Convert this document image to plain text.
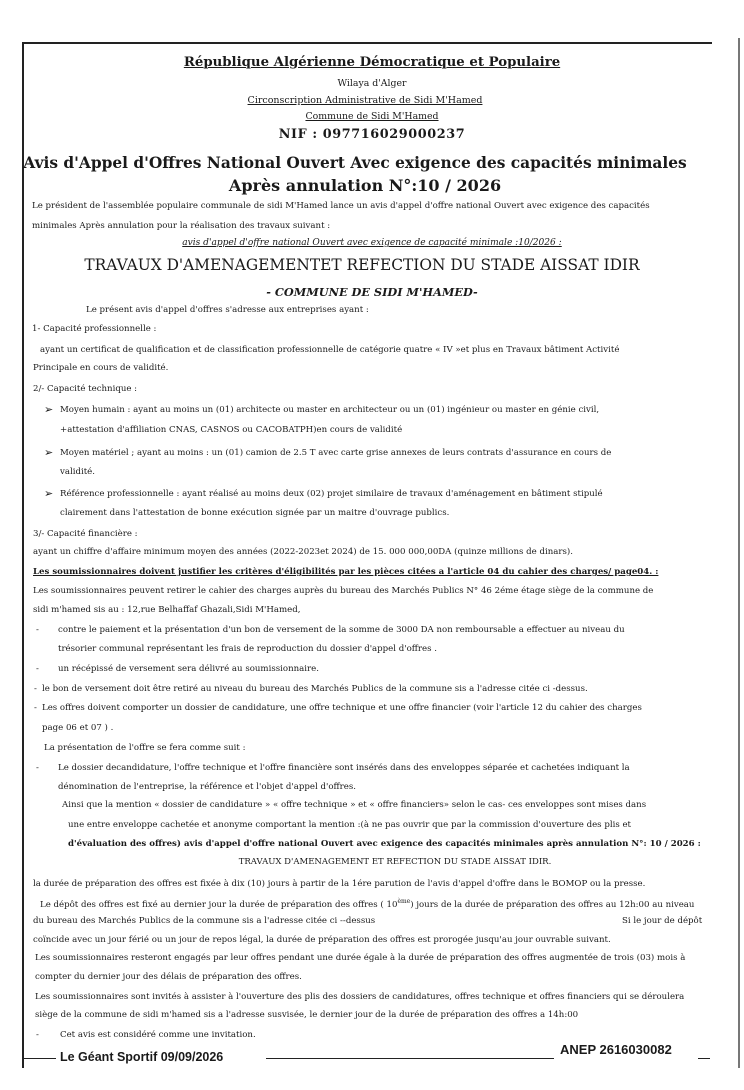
République Algérienne Démocratique et Populaire
Wilaya d'Alger
Circonscription Administrative de Sidi M'Hamed
Commune de Sidi M'Hamed
NIF : 097716029000237
Avis d'Appel d'Offres National Ouvert Avec exigence des capacités minimales
Après annulation N°:10 / 2026
Le président de l'assemblée populaire communale de sidi M'Hamed lance un avis d'appel d'offre national Ouvert avec exigence des capacités
minimales Après annulation pour la réalisation des travaux suivant :
avis d'appel d'offre national Ouvert avec exigence de capacité minimale :10/2026 :
TRAVAUX D'AMENAGEMENTET REFECTION DU STADE AISSAT IDIR
- COMMUNE DE SIDI M'HAMED-
Le présent avis d'appel d'offres s'adresse aux entreprises ayant :
1- Capacité professionnelle :
ayant un certificat de qualification et de classification professionnelle de catégorie quatre « IV »et plus en Travaux bâtiment Activité
Principale en cours de validité.
2/- Capacité technique :
➢ Moyen humain : ayant au moins un (01) architecte ou master en architecteur ou un (01) ingénieur ou master en génie civil,
+attestation d'affiliation CNAS, CASNOS ou CACOBATPH)en cours de validité
➢ Moyen matériel ; ayant au moins : un (01) camion de 2.5 T avec carte grise annexes de leurs contrats d'assurance en cours de
validité.
➢ Référence professionnelle : ayant réalisé au moins deux (02) projet similaire de travaux d'aménagement en bâtiment stipulé
clairement dans l'attestation de bonne exécution signée par un maitre d'ouvrage publics.
3/- Capacité financière :
ayant un chiffre d'affaire minimum moyen des années (2022-2023et 2024) de 15. 000 000,00DA (quinze millions de dinars).
Les soumissionnaires doivent justifier les critères d'éligibilités par les pièces citées a l'article 04 du cahier des charges/ page04. :
Les soumissionnaires peuvent retirer le cahier des charges auprès du bureau des Marchés Publics N° 46 2éme étage siège de la commune de
sidi m'hamed sis au : 12,rue Belhaffaf Ghazali,Sidi M'Hamed,
- contre le paiement et la présentation d'un bon de versement de la somme de 3000 DA non remboursable a effectuer au niveau du
trésorier communal représentant les frais de reproduction du dossier d'appel d'offres .
- un récépissé de versement sera délivré au soumissionnaire.
- le bon de versement doit être retiré au niveau du bureau des Marchés Publics de la commune sis a l'adresse citée ci -dessus.
- Les offres doivent comporter un dossier de candidature, une offre technique et une offre financier (voir l'article 12 du cahier des charges
page 06 et 07 ) .
La présentation de l'offre se fera comme suit :
- Le dossier decandidature, l'offre technique et l'offre financière sont insérés dans des enveloppes séparée et cachetées indiquant la
dénomination de l'entreprise, la référence et l'objet d'appel d'offres.
Ainsi que la mention « dossier de candidature » « offre technique » et « offre financiers» selon le cas- ces enveloppes sont mises dans
une entre enveloppe cachetée et anonyme comportant la mention :(à ne pas ouvrir que par la commission d'ouverture des plis et
d'évaluation des offres) avis d'appel d'offre national Ouvert avec exigence des capacités minimales après annulation N°: 10 / 2026 :
TRAVAUX D'AMENAGEMENT ET REFECTION DU STADE AISSAT IDIR.
la durée de préparation des offres est fixée à dix (10) jours à partir de la 1ére parution de l'avis d'appel d'offre dans le BOMOP ou la presse.
Le dépôt des offres est fixé au dernier jour la durée de préparation des offres ( 10ème) jours de la durée de préparation des offres au 12h:00 au niveau
du bureau des Marchés Publics de la commune sis a l'adresse citée ci --dessus	Si le jour de dépôt
coïncide avec un jour férié ou un jour de repos légal, la durée de préparation des offres est prorogée jusqu'au jour ouvrable suivant.
Les soumissionnaires resteront engagés par leur offres pendant une durée égale à la durée de préparation des offres augmentée de trois (03) mois à
compter du dernier jour des délais de préparation des offres.
Les soumissionnaires sont invités à assister à l'ouverture des plis des dossiers de candidatures, offres technique et offres financiers qui se déroulera
siège de la commune de sidi m'hamed sis a l'adresse susvisée, le dernier jour de la durée de préparation des offres a 14h:00
- Cet avis est considéré comme une invitation.
Le Géant Sportif 09/09/2026	ANEP 2616030082
